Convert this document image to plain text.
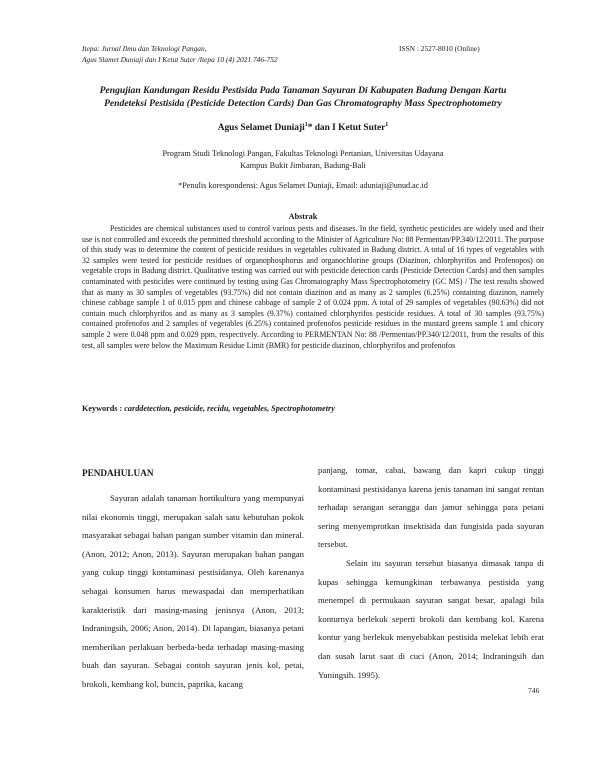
Itepa: Jurnal Ilmu dan Teknologi Pangan,
Agus Slamet Duniaji dan I Ketut Suter /Itepa 10 (4) 2021 746-752
ISSN : 2527-8010 (Online)
Pengujian Kandungan Residu Pestisida Pada Tanaman Sayuran Di Kabupaten Badung Dengan Kartu
Pendeteksi Pestisida (Pesticide Detection Cards) Dan Gas Chromatography Mass Spectrophotometry
Agus Selamet Duniaji$^1$* dan I Ketut Suter$^1$
Program Studi Teknologi Pangan, Fakultas Teknologi Pertanian, Universitas Udayana
Kampus Bukit Jimbaran, Badung-Bali
*Penulis korespondensi: Agus Selamet Duniaji, Email: aduniaji@unud.ac.id
Abstrak

Pesticides are chemical substances used to control various pests and diseases. In the field, synthetic pesticides are widely used and their use is not controlled and exceeds the permitted threshold according to the Minister of Agriculture No: 88 Permentan/PP.340/12/2011. The purpose of this study was to determine the content of pesticide residues in vegetables cultivated in Badung district. A total of 16 types of vegetables with 32 samples were tested for pesticide residues of organophosphorus and organochlorine groups (Diazinon, chlorphyrifos and Profenopos) on vegetable crops in Badung district. Qualitative testing was carried out with pesticide detection cards (Pesticide Detection Cards) and then samples contaminated with pesticides were continued by testing using Gas Chromatography Mass Spectrophotometry (GC MS) / The test results showed that as many as 30 samples of vegetables (93.75%) did not contain diazinon and as many as 2 samples (6.25%) containing diazinon, namely chinese cabbage sample 1 of 0.015 ppm and chinese cabbage of sample 2 of 0.024 ppm. A total of 29 samples of vegetables (90.63%) did not contain much chlorphyrifos and as many as 3 samples (9.37%) contained chlorphyrifos pesticide residues. A total of 30 samples (93.75%) contained profenofos and 2 samples of vegetables (6.25%) contained profenofos pesticide residues in the mustard greens sample 1 and chicory sample 2 were 0.048 ppm and 0.029 ppm, respectively. According to PERMENTAN No: 88 /Permentan/PP.340/12/2011, from the results of this test, all samples were below the Maximum Residue Limit (BMR) for pesticide diazinon, chlorphyrifos and profenofos

Keywords : carddetection, pesticide, recidu, vegetables, Spectrophotometry
PENDAHULUAN

Sayuran adalah tanaman hortikultura yang mempunyai nilai ekonomis tinggi, merupakan salah satu kebutuhan pokok masyarakat sebagai bahan pangan sumber vitamin dan mineral. (Anon, 2012; Anon, 2013). Sayuran merupakan bahan pangan yang cukup tinggi kontaminasi pestisidanya. Oleh karenanya sebagai konsumen harus mewaspadai dan memperhatikan karakteristik dari masing-masing jenisnya (Anon, 2013; Indraningsih, 2006; Anon, 2014). Di lapangan, biasanya petani memberikan perlakuan berbeda-beda terhadap masing-masing buah dan sayuran. Sebagai contoh sayuran jenis kol, petai, brokoli, kembang kol, buncis, paprika, kacang

panjang, tomat, cabai, bawang dan kapri cukup tinggi kontaminasi pestisidanya karena jenis tanaman ini sangat rentan terhadap serangan serangga dan jamur sehingga para petani sering menyemprotkan insektisida dan fungisida pada sayuran tersebut.

Selain itu sayuran tersebut biasanya dimasak tanpa di kupas sehingga kemungkinan terbawanya pestisida yang menempel di permukaan sayuran sangat besar, apalagi bila konturnya berlekuk seperti brokoli dan kembang kol. Karena kontur yang berlekuk menyebabkan pestisida melekat lebih erat dan susah larut saat di cuci (Anon, 2014; Indraningsih dan Yuningsih. 1995).

746
